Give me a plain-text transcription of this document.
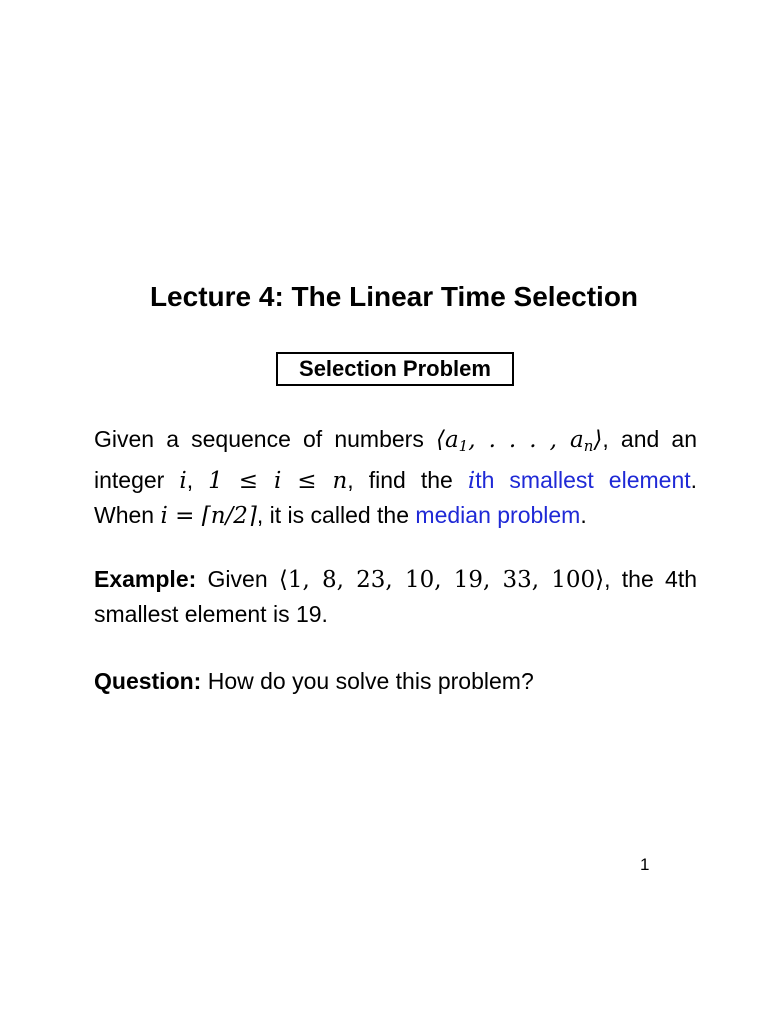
Lecture 4: The Linear Time Selection
Selection Problem
Given a sequence of numbers $⟨a_1$, . . . , $a_n⟩$, and an
integer i, 1 ≤ i ≤ n, find the ith smallest element.
When i = ⌈n/2⌉, it is called the median problem.
Example: Given ⟨1, 8, 23, 10, 19, 33, 100⟩, the 4th
smallest element is 19.
Question: How do you solve this problem?
1
